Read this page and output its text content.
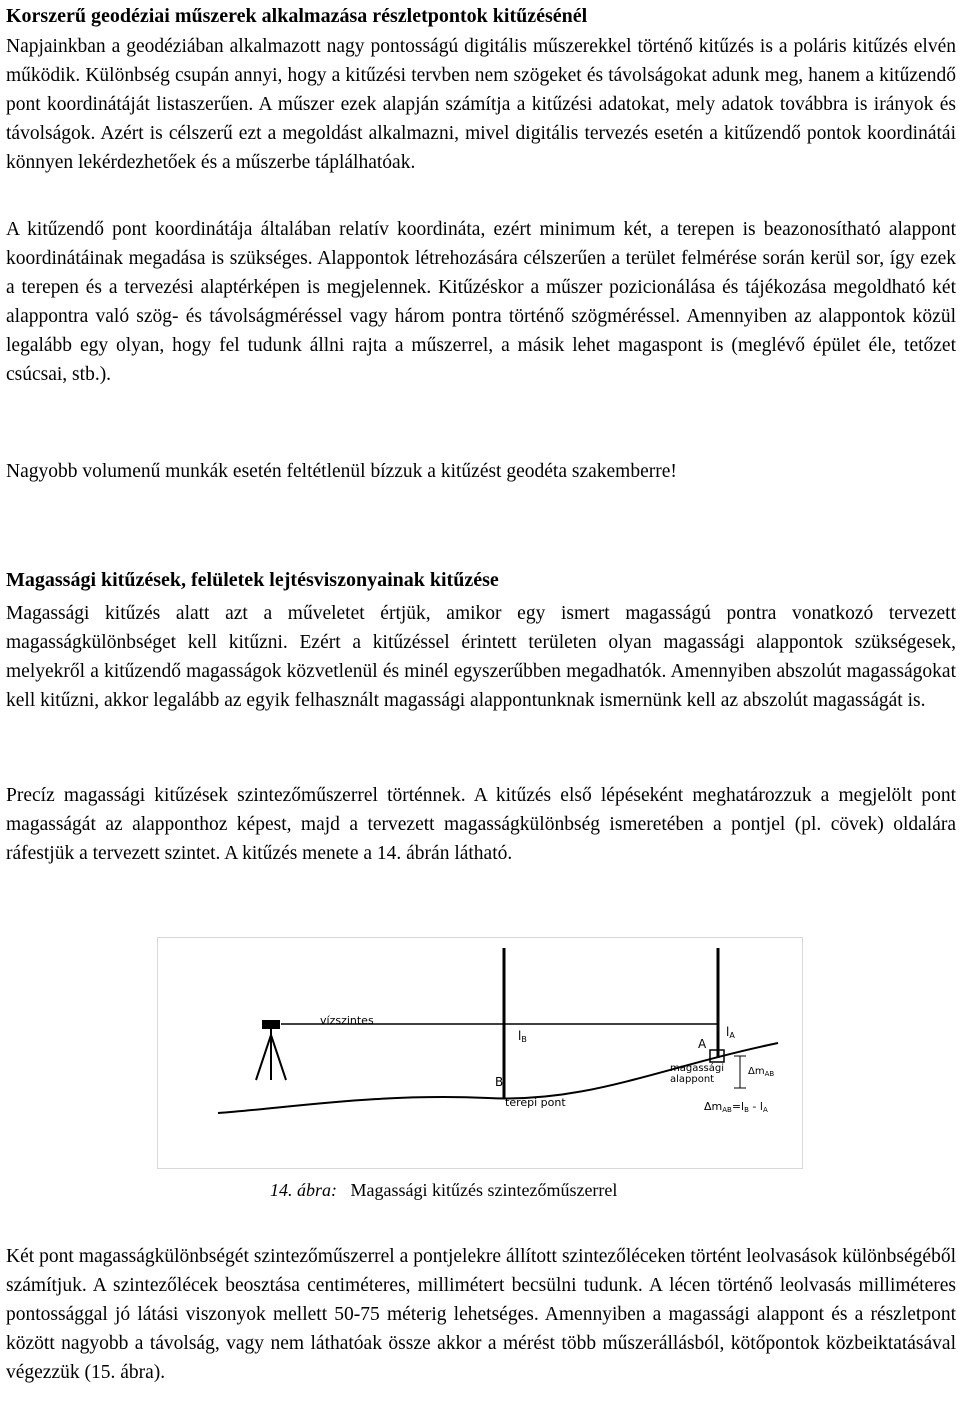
Korszerű geodéziai műszerek alkalmazása részletpontok kitűzésénél

Napjainkban a geodéziában alkalmazott nagy pontosságú digitális műszerekkel történő kitűzés is a poláris kitűzés elvén működik. Különbség csupán annyi, hogy a kitűzési tervben nem szögeket és távolságokat adunk meg, hanem a kitűzendő pont koordinátáját listaszerűen. A műszer ezek alapján számítja a kitűzési adatokat, mely adatok továbbra is irányok és távolságok. Azért is célszerű ezt a megoldást alkalmazni, mivel digitális tervezés esetén a kitűzendő pontok koordinátái könnyen lekérdezhetőek és a műszerbe táplálhatóak.

A kitűzendő pont koordinátája általában relatív koordináta, ezért minimum két, a terepen is beazonosítható alappont koordinátáinak megadása is szükséges. Alappontok létrehozására célszerűen a terület felmérése során kerül sor, így ezek a terepen és a tervezési alaptérképen is megjelennek. Kitűzéskor a műszer pozicionálása és tájékozása megoldható két alappontra való szög- és távolságméréssel vagy három pontra történő szögméréssel. Amennyiben az alappontok közül legalább egy olyan, hogy fel tudunk állni rajta a műszerrel, a másik lehet magaspont is (meglévő épület éle, tetőzet csúcsai, stb.).

Nagyobb volumenű munkák esetén feltétlenül bízzuk a kitűzést geodéta szakemberre!

Magassági kitűzések, felületek lejtésviszonyainak kitűzése

Magassági kitűzés alatt azt a műveletet értjük, amikor egy ismert magasságú pontra vonatkozó tervezett magasságkülönbséget kell kitűzni. Ezért a kitűzéssel érintett területen olyan magassági alappontok szükségesek, melyekről a kitűzendő magasságok közvetlenül és minél egyszerűbben megadhatók. Amennyiben abszolút magasságokat kell kitűzni, akkor legalább az egyik felhasznált magassági alappontunknak ismernünk kell az abszolút magasságát is.

Precíz magassági kitűzések szintezőműszerrel történnek. A kitűzés első lépéseként meghatározzuk a megjelölt pont magasságát az alapponthoz képest, majd a tervezett magasságkülönbség ismeretében a pontjel (pl. cövek) oldalára ráfestjük a tervezett szintet. A kitűzés menete a 14. ábrán látható.

vízszintes
lB
B
terepi pont
lA
A
magassági
alappont
$\Delta m_{AB}$
ΔmAB=lB - lA
14. ábra: Magassági kitűzés szintezőműszerrel

Két pont magasságkülönbségét szintezőműszerrel a pontjelekre állított szintezőléceken történt leolvasások különbségéből számítjuk. A szintezőlécek beosztása centiméteres, millimétert becsülni tudunk. A lécen történő leolvasás milliméteres pontossággal jó látási viszonyok mellett 50-75 méterig lehetséges. Amennyiben a magassági alappont és a részletpont között nagyobb a távolság, vagy nem láthatóak össze akkor a mérést több műszerállásból, kötőpontok közbeiktatásával végezzük (15. ábra).
